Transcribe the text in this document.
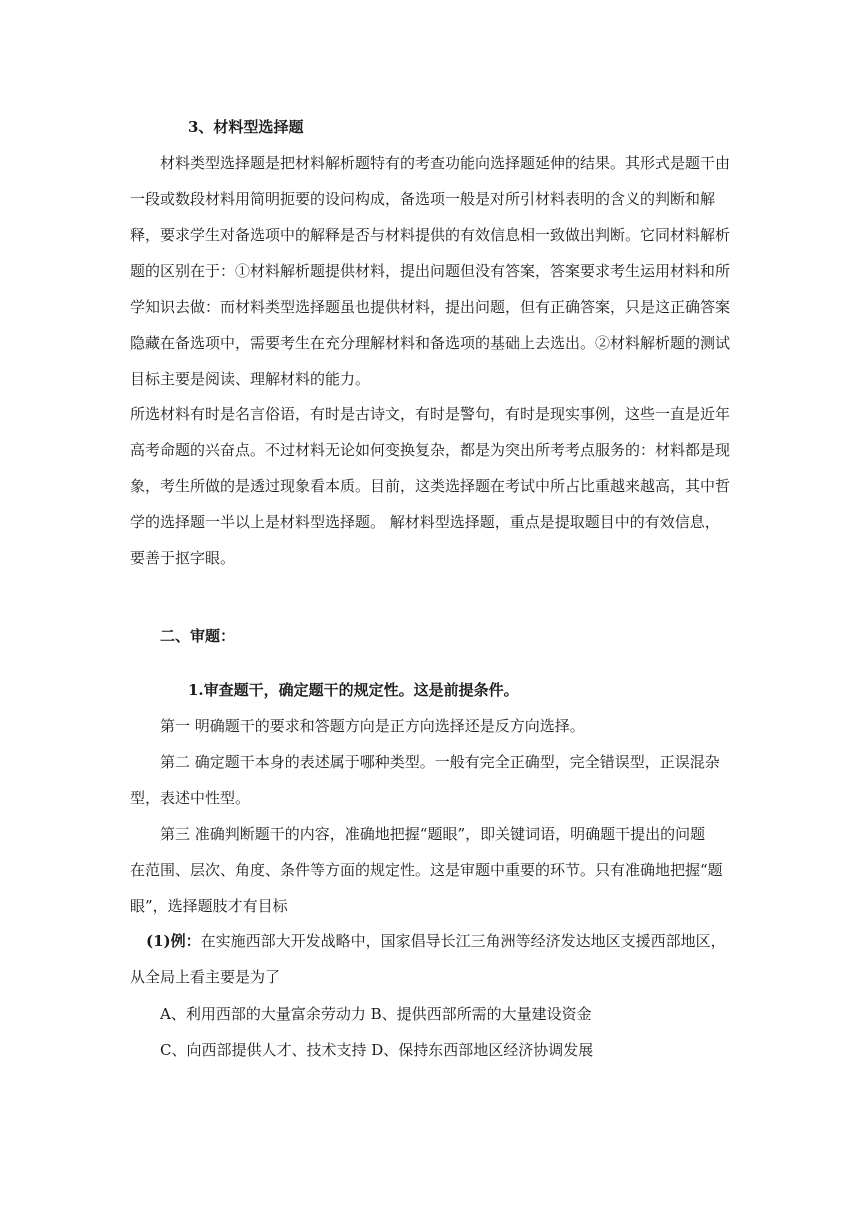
3、材料型选择题
材料类型选择题是把材料解析题特有的考查功能向选择题延伸的结果。其形式是题干由
一段或数段材料用简明扼要的设问构成，备选项一般是对所引材料表明的含义的判断和解
释，要求学生对备选项中的解释是否与材料提供的有效信息相一致做出判断。它同材料解析
题的区别在于：①材料解析题提供材料，提出问题但没有答案，答案要求考生运用材料和所
学知识去做：而材料类型选择题虽也提供材料，提出问题，但有正确答案，只是这正确答案
隐藏在备选项中，需要考生在充分理解材料和备选项的基础上去选出。②材料解析题的测试
目标主要是阅读、理解材料的能力。
所选材料有时是名言俗语，有时是古诗文，有时是警句，有时是现实事例，这些一直是近年
高考命题的兴奋点。不过材料无论如何变换复杂，都是为突出所考考点服务的：材料都是现
象，考生所做的是透过现象看本质。目前，这类选择题在考试中所占比重越来越高，其中哲
学的选择题一半以上是材料型选择题。 解材料型选择题，重点是提取题目中的有效信息，
要善于抠字眼。
二、审题：
1.审查题干，确定题干的规定性。这是前提条件。
第一 明确题干的要求和答题方向是正方向选择还是反方向选择。
第二 确定题干本身的表述属于哪种类型。一般有完全正确型，完全错误型，正误混杂
型，表述中性型。
第三 准确判断题干的内容，准确地把握“题眼”，即关键词语，明确题干提出的问题
在范围、层次、角度、条件等方面的规定性。这是审题中重要的环节。只有准确地把握“题
眼”，选择题肢才有目标
(1)例：在实施西部大开发战略中，国家倡导长江三角洲等经济发达地区支援西部地区，
从全局上看主要是为了
A、利用西部的大量富余劳动力 B、提供西部所需的大量建设资金
C、向西部提供人才、技术支持 D、保持东西部地区经济协调发展
